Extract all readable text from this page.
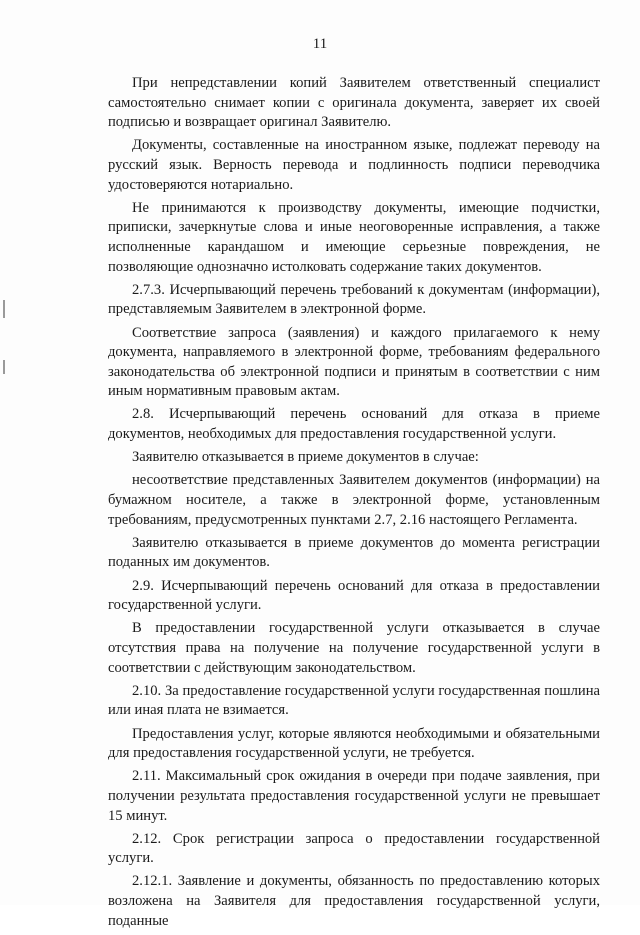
11

При непредставлении копий Заявителем ответственный специалист самостоятельно снимает копии с оригинала документа, заверяет их своей подписью и возвращает оригинал Заявителю.

Документы, составленные на иностранном языке, подлежат переводу на русский язык. Верность перевода и подлинность подписи переводчика удостоверяются нотариально.

Не принимаются к производству документы, имеющие подчистки, приписки, зачеркнутые слова и иные неоговоренные исправления, а также исполненные карандашом и имеющие серьезные повреждения, не позволяющие однозначно истолковать содержание таких документов.

2.7.3. Исчерпывающий перечень требований к документам (информации), представляемым Заявителем в электронной форме.

Соответствие запроса (заявления) и каждого прилагаемого к нему документа, направляемого в электронной форме, требованиям федерального законодательства об электронной подписи и принятым в соответствии с ним иным нормативным правовым актам.

2.8. Исчерпывающий перечень оснований для отказа в приеме документов, необходимых для предоставления государственной услуги.

Заявителю отказывается в приеме документов в случае:

несоответствие представленных Заявителем документов (информации) на бумажном носителе, а также в электронной форме, установленным требованиям, предусмотренных пунктами 2.7, 2.16 настоящего Регламента.

Заявителю отказывается в приеме документов до момента регистрации поданных им документов.

2.9. Исчерпывающий перечень оснований для отказа в предоставлении государственной услуги.

В предоставлении государственной услуги отказывается в случае отсутствия права на получение на получение государственной услуги в соответствии с действующим законодательством.

2.10. За предоставление государственной услуги государственная пошлина или иная плата не взимается.

Предоставления услуг, которые являются необходимыми и обязательными для предоставления государственной услуги, не требуется.

2.11. Максимальный срок ожидания в очереди при подаче заявления, при получении результата предоставления государственной услуги не превышает 15 минут.

2.12. Срок регистрации запроса о предоставлении государственной услуги.

2.12.1. Заявление и документы, обязанность по предоставлению которых возложена на Заявителя для предоставления государственной услуги, поданные
